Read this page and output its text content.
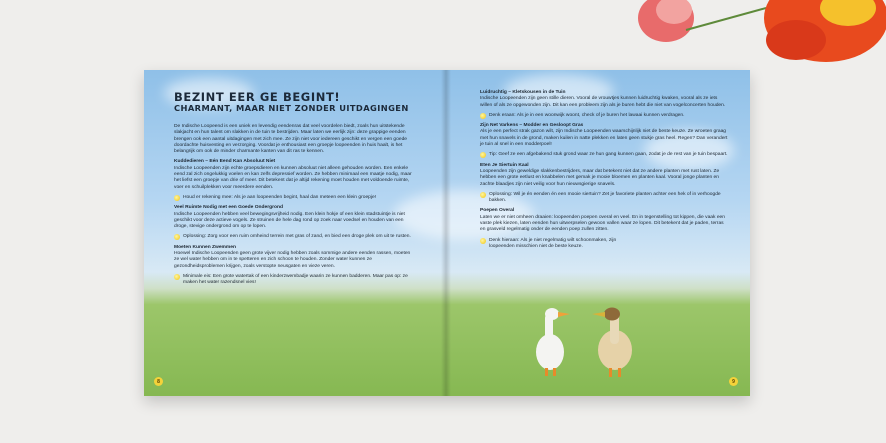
BEZINT EER GE BEGINT!
CHARMANT, MAAR NIET ZONDER UITDAGINGEN

De Indische Loopeend is een uniek en levendig eendenras dat veel voordelen biedt, zoals hun uitstekende slakjacht en hun talent om slakken in de tuin te bestrijden. Maar laten we eerlijk zijn: deze grappige eenden brengen ook een aantal uitdagingen met zich mee. Ze zijn niet voor iedereen geschikt en vergen een goede doordachte huisvesting en verzorging. Voordat je enthousiast een groepje loopeenden in huis haalt, is het belangrijk om ook de minder charmante kanten van dit ras te kennen.

Kuddedieren – Eén Eend Kan Absoluut Niet
Indische Loopeenden zijn echte groepsdieren en kunnen absoluut niet alleen gehouden worden. Een enkele eend zal zich ongelukkig voelen en kan zelfs depressief worden. Ze hebben minimaal een maatje nodig, maar het liefst een groepje van drie of meer. Dit betekent dat je altijd rekening moet houden met voldoende ruimte, voer en schuilplekken voor meerdere eenden.

Houd er rekening mee: Als je aan loopeenden begint, haal dan meteen een klein groepje!

Veel Ruimte Nodig met een Goede Ondergrond
Indische Loopeenden hebben veel bewegingsvrijheid nodig. Een klein hokje of een klein stadstuintje is niet geschikt voor deze actieve vogels. Ze struinen de hele dag rond op zoek naar voedsel en houden van een droge, stevige ondergrond om op te lopen.

Oplossing: Zorg voor een ruim omheind terrein met gras of zand, en bied een droge plek om uit te rusten.

Moeten Kunnen Zwemmen
Hoewel Indische Loopeenden geen grote vijver nodig hebben zoals sommige andere eenden rassen, moeten ze wel water hebben om in te spetteren en zich schoon te houden. Zonder water kunnen ze gezondheidsproblemen krijgen, zoals verstopte neusgaten en vieze veren.

Minimale eis: Een grote watertak of een kinderzwembadje waarin ze kunnen badderen. Maar pas op: ze maken het water razendsnel vies!
8

Luidruchtig – Kletskousen in de Tuin
Indische Loopeenden zijn geen stille dieren. Vooral de vrouwtjes kunnen luidruchtig kwaken, vooral als ze iets willen of als ze opgewonden zijn. Dit kan een probleem zijn als je buren hebt die niet van vogelconcerten houden.

Denk eraan: Als je in een woonwijk woont, check of je buren het lawaai kunnen verdragen.

Zijn Net Varkens – Modder en Gesloopt Gras
Als je een perfect strak gazon wilt, zijn Indische Loopeenden waarschijnlijk niet de beste keuze. Ze wroeten graag met hun snavels in de grond, maken kuilen in natte plekken en laten geen stukje gras heel. Regen? Dan verandert je tuin al snel in een modderpoel!

Tip: Geef ze een afgebakend stuk grond waar ze hun gang kunnen gaan, zodat je de rest van je tuin bespaart.

Eten Je Siertuin Kaal
Loopeenden zijn geweldige slakkenbestrijders, maar dat betekent niet dat ze andere planten met rust laten. Ze hebben een grote eetlust en knabbelen met gemak je mooie bloemen en planten kaal. Vooral jonge planten en zachte blaadjes zijn niet veilig voor hun nieuwsgierige snavels.

Oplossing: Wil je én eenden én een mooie siertuin? Zet je favoriete planten achter een hek of in verhoogde bakken.

Poepen Overal
Laten we er niet omheen draaien: loopeenden poepen overal en veel. En in tegenstelling tot kippen, die vaak een vaste plek kiezen, laten eenden hun uitwerpselen gewoon vallen waar ze lopen. Dit betekent dat je paden, terras en grasveld regelmatig onder de eenden poep zullen zitten.

Denk hieraan: Als je niet regelmatig wilt schoonmaken, zijn loopeenden misschien niet de beste keuze.
9
